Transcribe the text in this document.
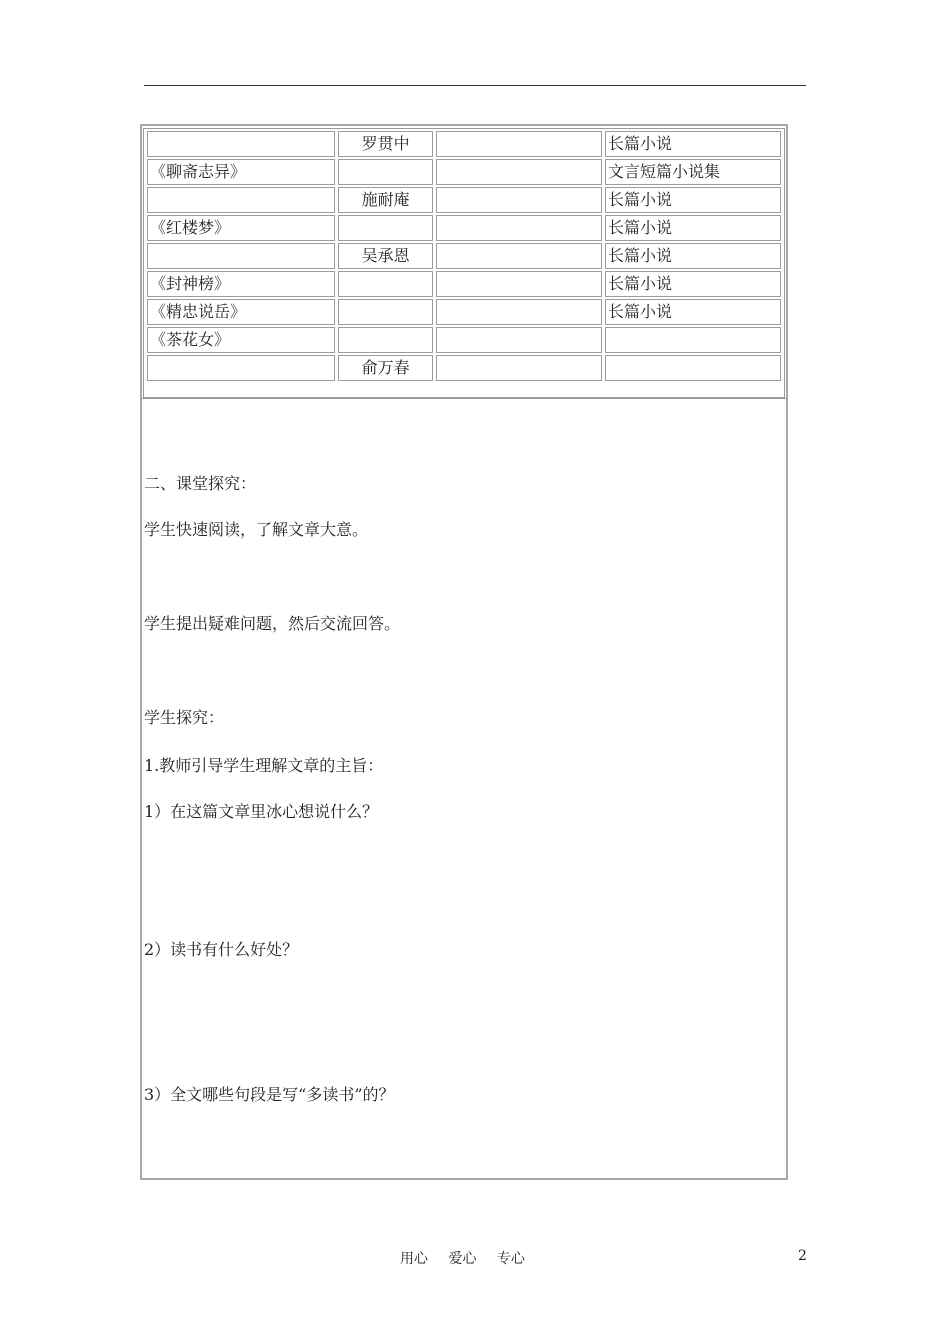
	罗贯中		长篇小说
《聊斋志异》			文言短篇小说集
	施耐庵		长篇小说
《红楼梦》			长篇小说
	吴承恩		长篇小说
《封神榜》			长篇小说
《精忠说岳》			长篇小说
《茶花女》			
	俞万春		
二、课堂探究：
学生快速阅读，了解文章大意。
学生提出疑难问题，然后交流回答。
学生探究：
1.教师引导学生理解文章的主旨：
1）在这篇文章里冰心想说什么？
2）读书有什么好处？
3）全文哪些句段是写“多读书”的？
用心 爱心 专心	2
